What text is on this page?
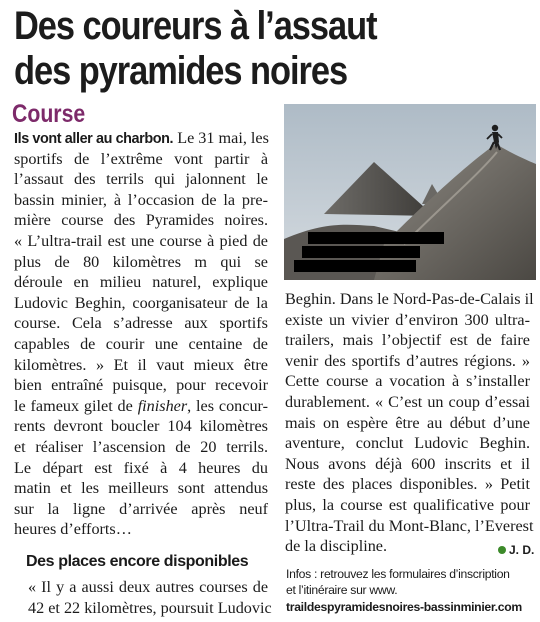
Des coureurs à l’assaut
des pyramides noires
Course
Ils vont aller au charbon. Le 31 mai, les
sportifs de l’extrême vont partir à
l’assaut des terrils qui jalonnent le
bassin minier, à l’occasion de la pre-
mière course des Pyramides noires.
« L’ultra-trail est une course à pied de
plus de 80 kilomètres m qui se
déroule en milieu naturel, explique
Ludovic Beghin, coorganisateur de la
course. Cela s’adresse aux sportifs
capables de courir une centaine de
kilomètres. » Et il vaut mieux être
bien entraîné puisque, pour recevoir
le fameux gilet de finisher, les concur-
rents devront boucler 104 kilomètres
et réaliser l’ascension de 20 terrils.
Le départ est fixé à 4 heures du
matin et les meilleurs sont attendus
sur la ligne d’arrivée après neuf
heures d’efforts…
Des places encore disponibles
« Il y a aussi deux autres courses de
42 et 22 kilomètres, poursuit Ludovic
Beghin. Dans le Nord-Pas-de-Calais il
existe un vivier d’environ 300 ultra-
trailers, mais l’objectif est de faire
venir des sportifs d’autres régions. »
Cette course a vocation à s’installer
durablement. « C’est un coup d’essai
mais on espère être au début d’une
aventure, conclut Ludovic Beghin.
Nous avons déjà 600 inscrits et il
reste des places disponibles. » Petit
plus, la course est qualificative pour
l’Ultra-Trail du Mont-Blanc, l’Everest
de la discipline.	J. D.
Infos : retrouvez les formulaires d’inscription
et l’itinéraire sur www.
traildespyramidesnoires-bassinminier.com
